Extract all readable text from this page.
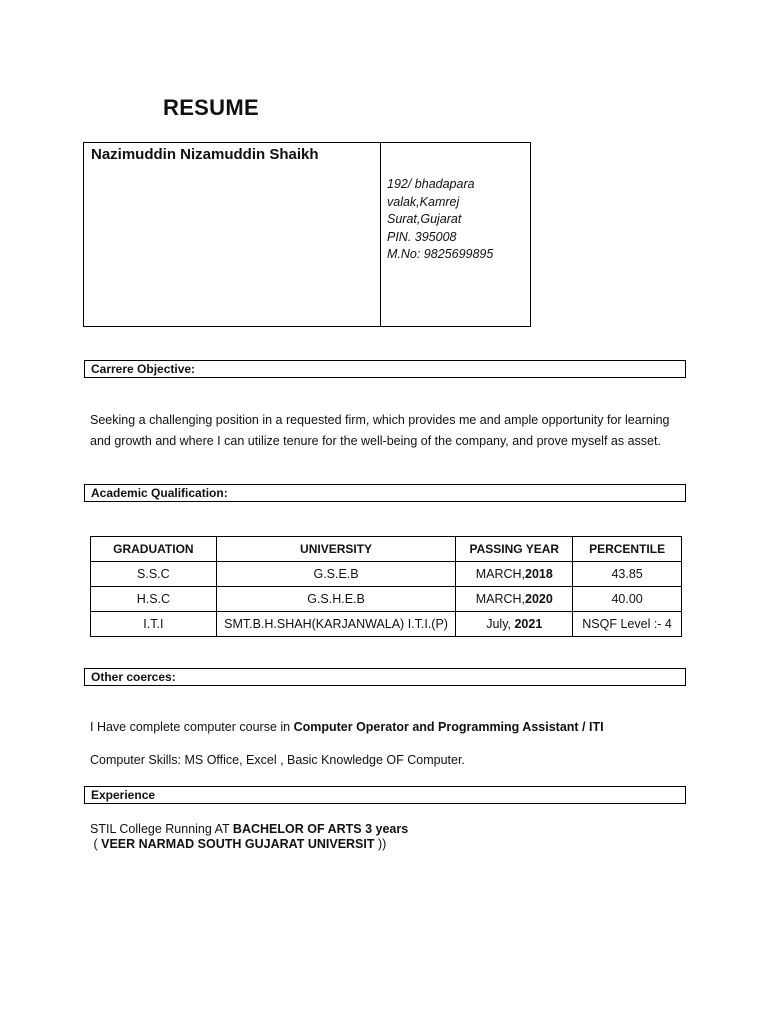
RESUME
Nazimuddin Nizamuddin Shaikh
192/ bhadapara
valak,Kamrej
Surat,Gujarat
PIN. 395008
M.No: 9825699895
Carrere Objective:
Seeking a challenging position in a requested firm, which provides me and ample opportunity for learning and growth and where I can utilize tenure for the well-being of the company, and prove myself as asset.
Academic Qualification:
GRADUATION	UNIVERSITY	PASSING YEAR	PERCENTILE
S.S.C	G.S.E.B	MARCH,2018	43.85
H.S.C	G.S.H.E.B	MARCH,2020	40.00
I.T.I	SMT.B.H.SHAH(KARJANWALA) I.T.I.(P)	July, 2021	NSQF Level :- 4
Other coerces:
I Have complete computer course in Computer Operator and Programming Assistant / ITI
Computer Skills: MS Office, Excel , Basic Knowledge OF Computer.
Experience
STIL College Running AT BACHELOR OF ARTS 3 years
( VEER NARMAD SOUTH GUJARAT UNIVERSIT ))
